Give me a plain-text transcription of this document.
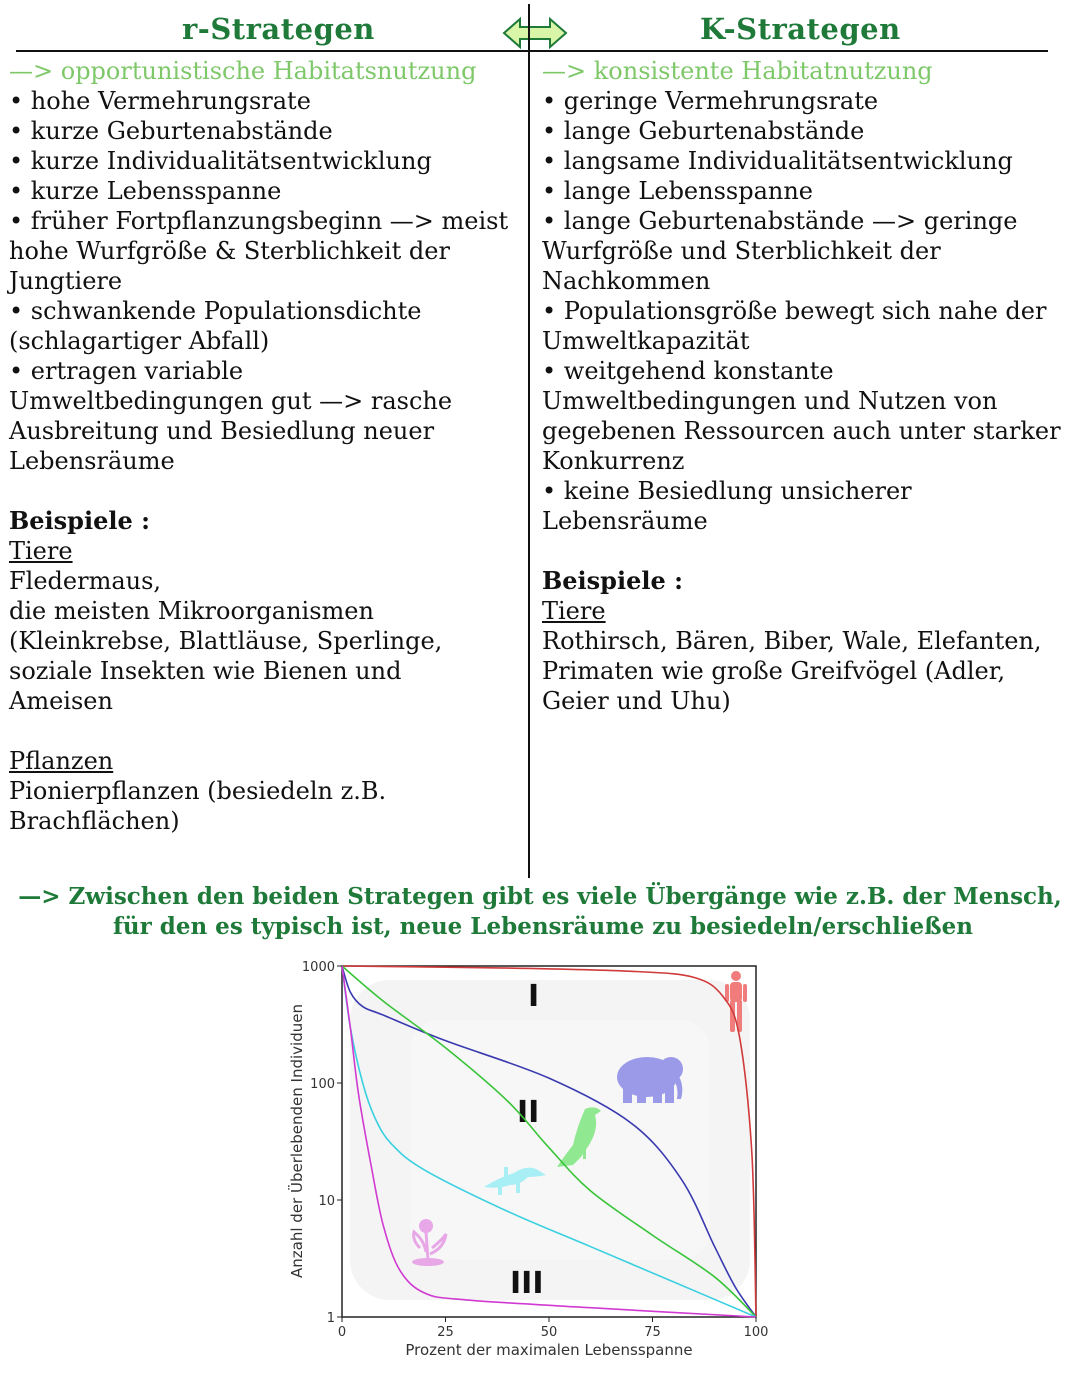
r-Strategen	K-Strategen
—> opportunistische Habitatsnutzung
• hohe Vermehrungsrate
• kurze Geburtenabstände
• kurze Individualitätsentwicklung
• kurze Lebensspanne
• früher Fortpflanzungsbeginn —> meist
hohe Wurfgröße & Sterblichkeit der
Jungtiere
• schwankende Populationsdichte
(schlagartiger Abfall)
• ertragen variable
Umweltbedingungen gut —> rasche
Ausbreitung und Besiedlung neuer
Lebensräume

Beispiele :
Tiere
Fledermaus,
die meisten Mikroorganismen
(Kleinkrebse, Blattläuse, Sperlinge,
soziale Insekten wie Bienen und
Ameisen

Pflanzen
Pionierpflanzen (besiedeln z.B.
Brachflächen)
—> konsistente Habitatnutzung
• geringe Vermehrungsrate
• lange Geburtenabstände
• langsame Individualitätsentwicklung
• lange Lebensspanne
• lange Geburtenabstände —> geringe
Wurfgröße und Sterblichkeit der
Nachkommen
• Populationsgröße bewegt sich nahe der
Umweltkapazität
• weitgehend konstante
Umweltbedingungen und Nutzen von
gegebenen Ressourcen auch unter starker
Konkurrenz
• keine Besiedlung unsicherer
Lebensräume

Beispiele :
Tiere
Rothirsch, Bären, Biber, Wale, Elefanten,
Primaten wie große Greifvögel (Adler,
Geier und Uhu)
—> Zwischen den beiden Strategen gibt es viele Übergänge wie z.B. der Mensch,
für den es typisch ist, neue Lebensräume zu besiedeln/erschließen
I
II
III
0	25	50	75	100
1
10
100
1000
Prozent der maximalen Lebensspanne
Anzahl der Überlebenden Individuen
